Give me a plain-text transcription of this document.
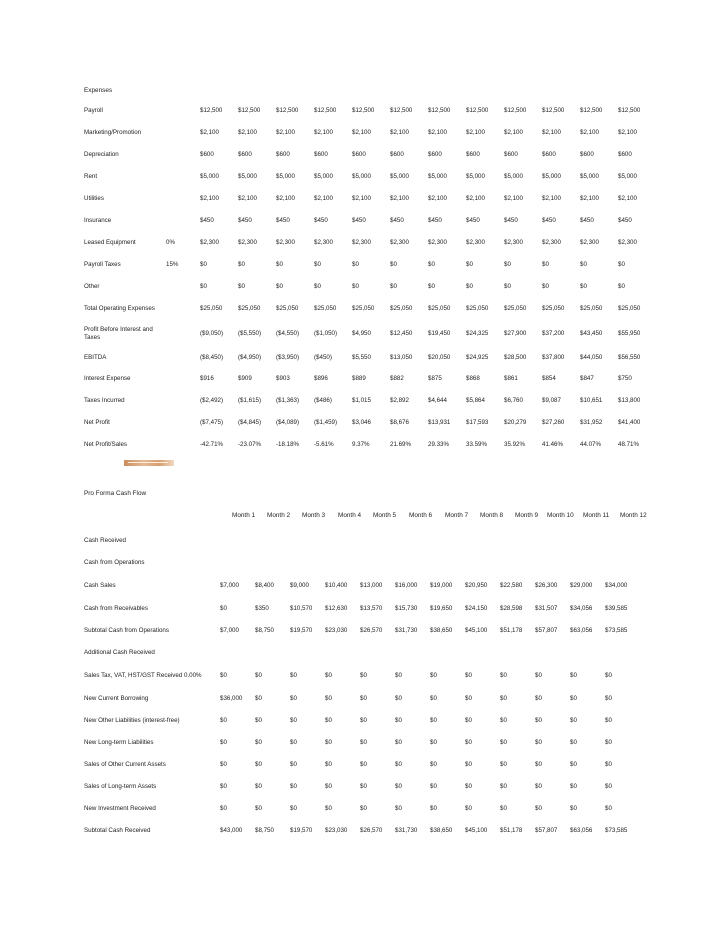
Expenses
Payroll		$12,500	$12,500	$12,500	$12,500	$12,500	$12,500	$12,500	$12,500	$12,500	$12,500	$12,500	$12,500
Marketing/Promotion		$2,100	$2,100	$2,100	$2,100	$2,100	$2,100	$2,100	$2,100	$2,100	$2,100	$2,100	$2,100
Depreciation		$600	$600	$600	$600	$600	$600	$600	$600	$600	$600	$600	$600
Rent		$5,000	$5,000	$5,000	$5,000	$5,000	$5,000	$5,000	$5,000	$5,000	$5,000	$5,000	$5,000
Utilities		$2,100	$2,100	$2,100	$2,100	$2,100	$2,100	$2,100	$2,100	$2,100	$2,100	$2,100	$2,100
Insurance		$450	$450	$450	$450	$450	$450	$450	$450	$450	$450	$450	$450
Leased Equipment	0%	$2,300	$2,300	$2,300	$2,300	$2,300	$2,300	$2,300	$2,300	$2,300	$2,300	$2,300	$2,300
Payroll Taxes	15%	$0	$0	$0	$0	$0	$0	$0	$0	$0	$0	$0	$0
Other		$0	$0	$0	$0	$0	$0	$0	$0	$0	$0	$0	$0
Total Operating Expenses		$25,050	$25,050	$25,050	$25,050	$25,050	$25,050	$25,050	$25,050	$25,050	$25,050	$25,050	$25,050
Profit Before Interest and Taxes		($9,050)	($5,550)	($4,550)	($1,050)	$4,950	$12,450	$19,450	$24,325	$27,900	$37,200	$43,450	$55,950
EBITDA		($8,450)	($4,950)	($3,950)	($450)	$5,550	$13,050	$20,050	$24,925	$28,500	$37,800	$44,050	$56,550
Interest Expense		$916	$909	$903	$896	$889	$882	$875	$868	$861	$854	$847	$750
Taxes Incurred		($2,492)	($1,615)	($1,363)	($486)	$1,015	$2,892	$4,644	$5,864	$6,760	$9,087	$10,651	$13,800
Net Profit		($7,475)	($4,845)	($4,089)	($1,459)	$3,046	$8,676	$13,931	$17,593	$20,279	$27,260	$31,952	$41,400
Net Profit/Sales		-42.71%	-23.07%	-18.18%	-5.61%	9.37%	21.69%	29.33%	33.59%	35.92%	41.46%	44.07%	48.71%
Pro Forma Cash Flow
Month 1 Month 2 Month 3 Month 4 Month 5 Month 6 Month 7 Month 8 Month 9 Month 10 Month 11 Month 12
Cash Received													
Cash from Operations													
Cash Sales		$7,000	$8,400	$9,000	$10,400	$13,000	$16,000	$19,000	$20,950	$22,580	$26,300	$29,000	$34,000
Cash from Receivables		$0	$350	$10,570	$12,630	$13,570	$15,730	$19,650	$24,150	$28,598	$31,507	$34,056	$39,585
Subtotal Cash from Operations		$7,000	$8,750	$19,570	$23,030	$26,570	$31,730	$38,650	$45,100	$51,178	$57,807	$63,056	$73,585
Additional Cash Received													
Sales Tax, VAT, HST/GST Received	0.00%	$0	$0	$0	$0	$0	$0	$0	$0	$0	$0	$0	$0
New Current Borrowing		$36,000	$0	$0	$0	$0	$0	$0	$0	$0	$0	$0	$0
New Other Liabilities (interest-free)		$0	$0	$0	$0	$0	$0	$0	$0	$0	$0	$0	$0
New Long-term Liabilities		$0	$0	$0	$0	$0	$0	$0	$0	$0	$0	$0	$0
Sales of Other Current Assets		$0	$0	$0	$0	$0	$0	$0	$0	$0	$0	$0	$0
Sales of Long-term Assets		$0	$0	$0	$0	$0	$0	$0	$0	$0	$0	$0	$0
New Investment Received		$0	$0	$0	$0	$0	$0	$0	$0	$0	$0	$0	$0
Subtotal Cash Received		$43,000	$8,750	$19,570	$23,030	$26,570	$31,730	$38,650	$45,100	$51,178	$57,807	$63,056	$73,585
